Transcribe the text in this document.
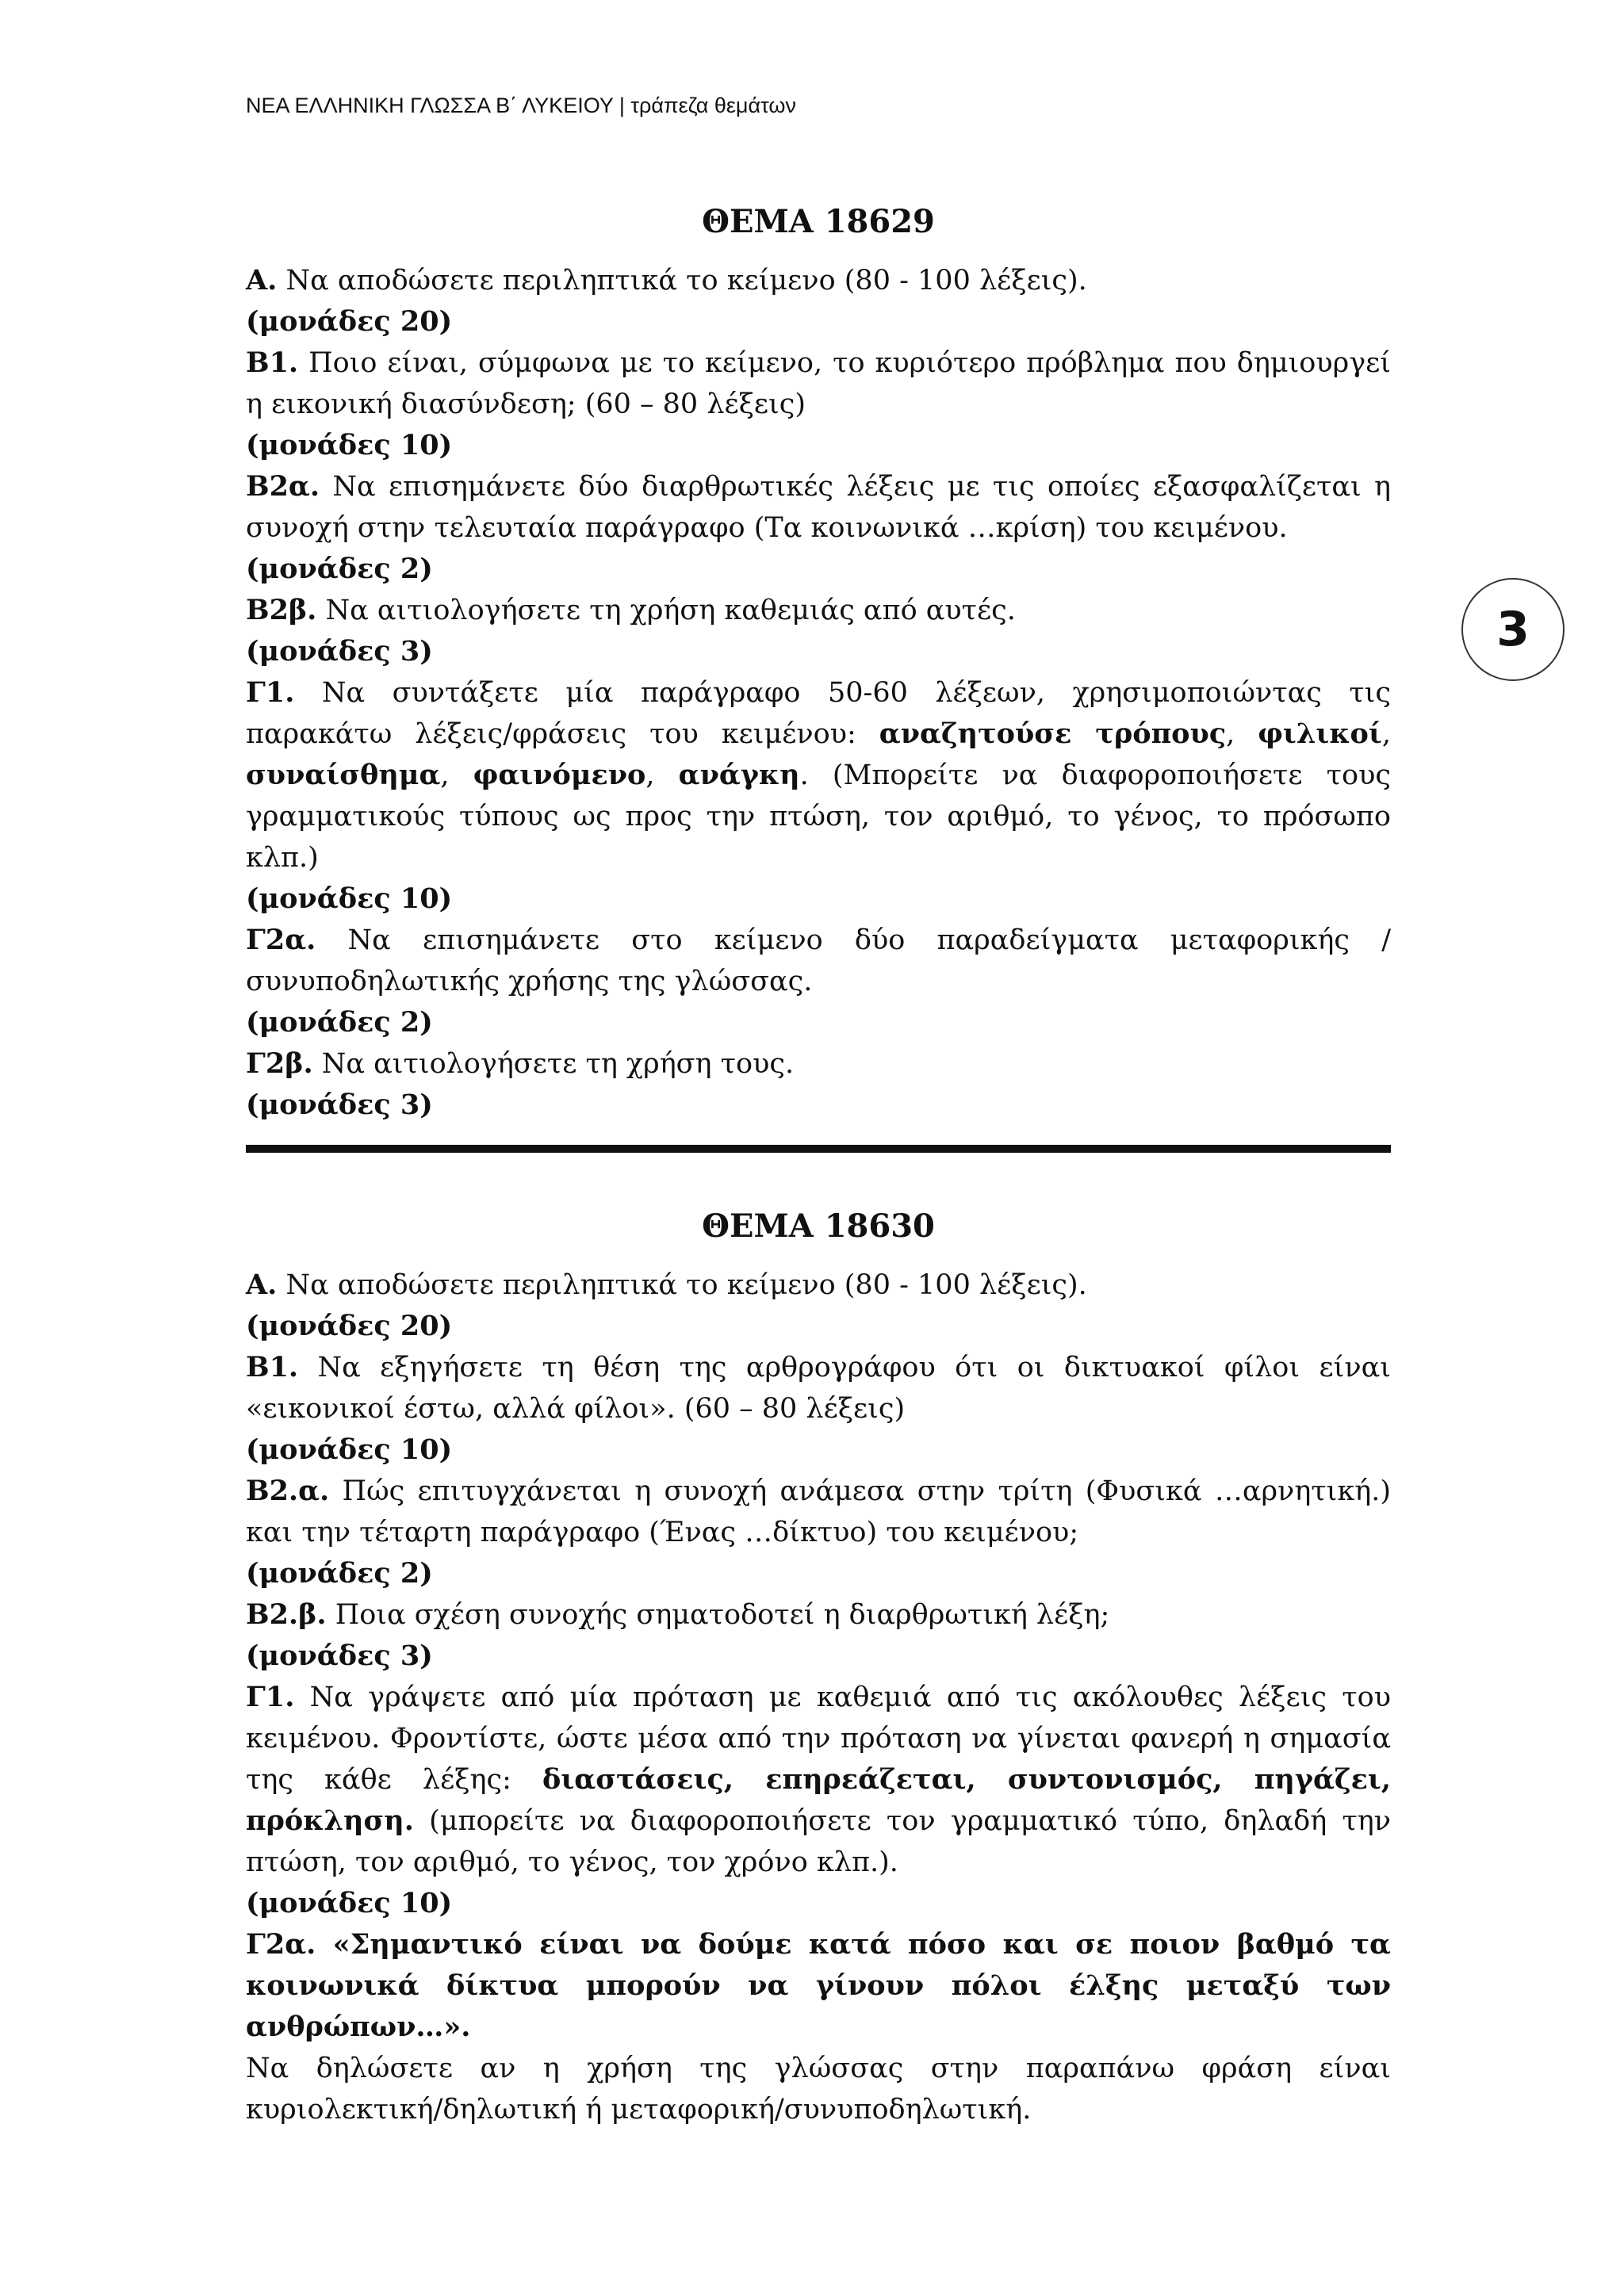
ΝΕΑ ΕΛΛΗΝΙΚΗ ΓΛΩΣΣΑ Β΄ ΛΥΚΕΙΟΥ | τράπεζα θεμάτων
3
ΘΕΜΑ 18629

Α. Να αποδώσετε περιληπτικά το κείμενο (80 - 100 λέξεις).

(μονάδες 20)

Β1. Ποιο είναι, σύμφωνα με το κείμενο, το κυριότερο πρόβλημα που δημιουργεί η εικονική διασύνδεση; (60 – 80 λέξεις)

(μονάδες 10)

Β2α. Να επισημάνετε δύο διαρθρωτικές λέξεις με τις οποίες εξασφαλίζεται η συνοχή στην τελευταία παράγραφο (Τα κοινωνικά …κρίση) του κειμένου.

(μονάδες 2)

Β2β. Να αιτιολογήσετε τη χρήση καθεμιάς από αυτές.

(μονάδες 3)

Γ1. Να συντάξετε μία παράγραφο 50-60 λέξεων, χρησιμοποιώντας τις παρακάτω λέξεις/φράσεις του κειμένου: αναζητούσε τρόπους, φιλικοί, συναίσθημα, φαινόμενο, ανάγκη. (Μπορείτε να διαφοροποιήσετε τους γραμματικούς τύπους ως προς την πτώση, τον αριθμό, το γένος, το πρόσωπο κλπ.)

(μονάδες 10)

Γ2α. Να επισημάνετε στο κείμενο δύο παραδείγματα μεταφορικής / συνυποδηλωτικής χρήσης της γλώσσας.

(μονάδες 2)

Γ2β. Να αιτιολογήσετε τη χρήση τους.

(μονάδες 3)

ΘΕΜΑ 18630

Α. Να αποδώσετε περιληπτικά το κείμενο (80 - 100 λέξεις).

(μονάδες 20)

Β1. Να εξηγήσετε τη θέση της αρθρογράφου ότι οι δικτυακοί φίλοι είναι «εικονικοί έστω, αλλά φίλοι». (60 – 80 λέξεις)

(μονάδες 10)

Β2.α. Πώς επιτυγχάνεται η συνοχή ανάμεσα στην τρίτη (Φυσικά …αρνητική.) και την τέταρτη παράγραφο (Ένας …δίκτυο) του κειμένου;

(μονάδες 2)

Β2.β. Ποια σχέση συνοχής σηματοδοτεί η διαρθρωτική λέξη;

(μονάδες 3)

Γ1. Να γράψετε από μία πρόταση με καθεμιά από τις ακόλουθες λέξεις του κειμένου. Φροντίστε, ώστε μέσα από την πρόταση να γίνεται φανερή η σημασία της κάθε λέξης: διαστάσεις, επηρεάζεται, συντονισμός, πηγάζει, πρόκληση. (μπορείτε να διαφοροποιήσετε τον γραμματικό τύπο, δηλαδή την πτώση, τον αριθμό, το γένος, τον χρόνο κλπ.).

(μονάδες 10)

Γ2α. «Σημαντικό είναι να δούμε κατά πόσο και σε ποιον βαθμό τα κοινωνικά δίκτυα μπορούν να γίνουν πόλοι έλξης μεταξύ των ανθρώπων…».

Να δηλώσετε αν η χρήση της γλώσσας στην παραπάνω φράση είναι κυριολεκτική/δηλωτική ή μεταφορική/συνυποδηλωτική.
